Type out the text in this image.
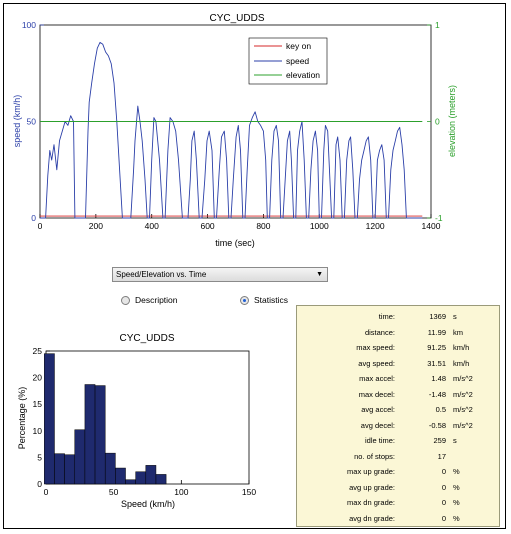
CYC_UDDS
0
50
100
-1
0
1
0	200	400	600	800	1000	1200	1400
time (sec)
speed (km/h)	elevation (meters)
key on
speed
elevation
Speed/Elevation vs. Time	▼
Description	Statistics
CYC_UDDS
0
5
10
15
20
25
0	50	100	150
Speed (km/h)
Percentage (%)
time:	1369 s
distance:	11.99 km
max speed:	91.25 km/h
avg speed:	31.51 km/h
max accel:	1.48 m/s^2
max decel:	-1.48 m/s^2
avg accel:	0.5 m/s^2
avg decel:	-0.58 m/s^2
idle time:	259 s
no. of stops:	17
max up grade:	0 %
avg up grade:	0 %
max dn grade:	0 %
avg dn grade:	0 %
